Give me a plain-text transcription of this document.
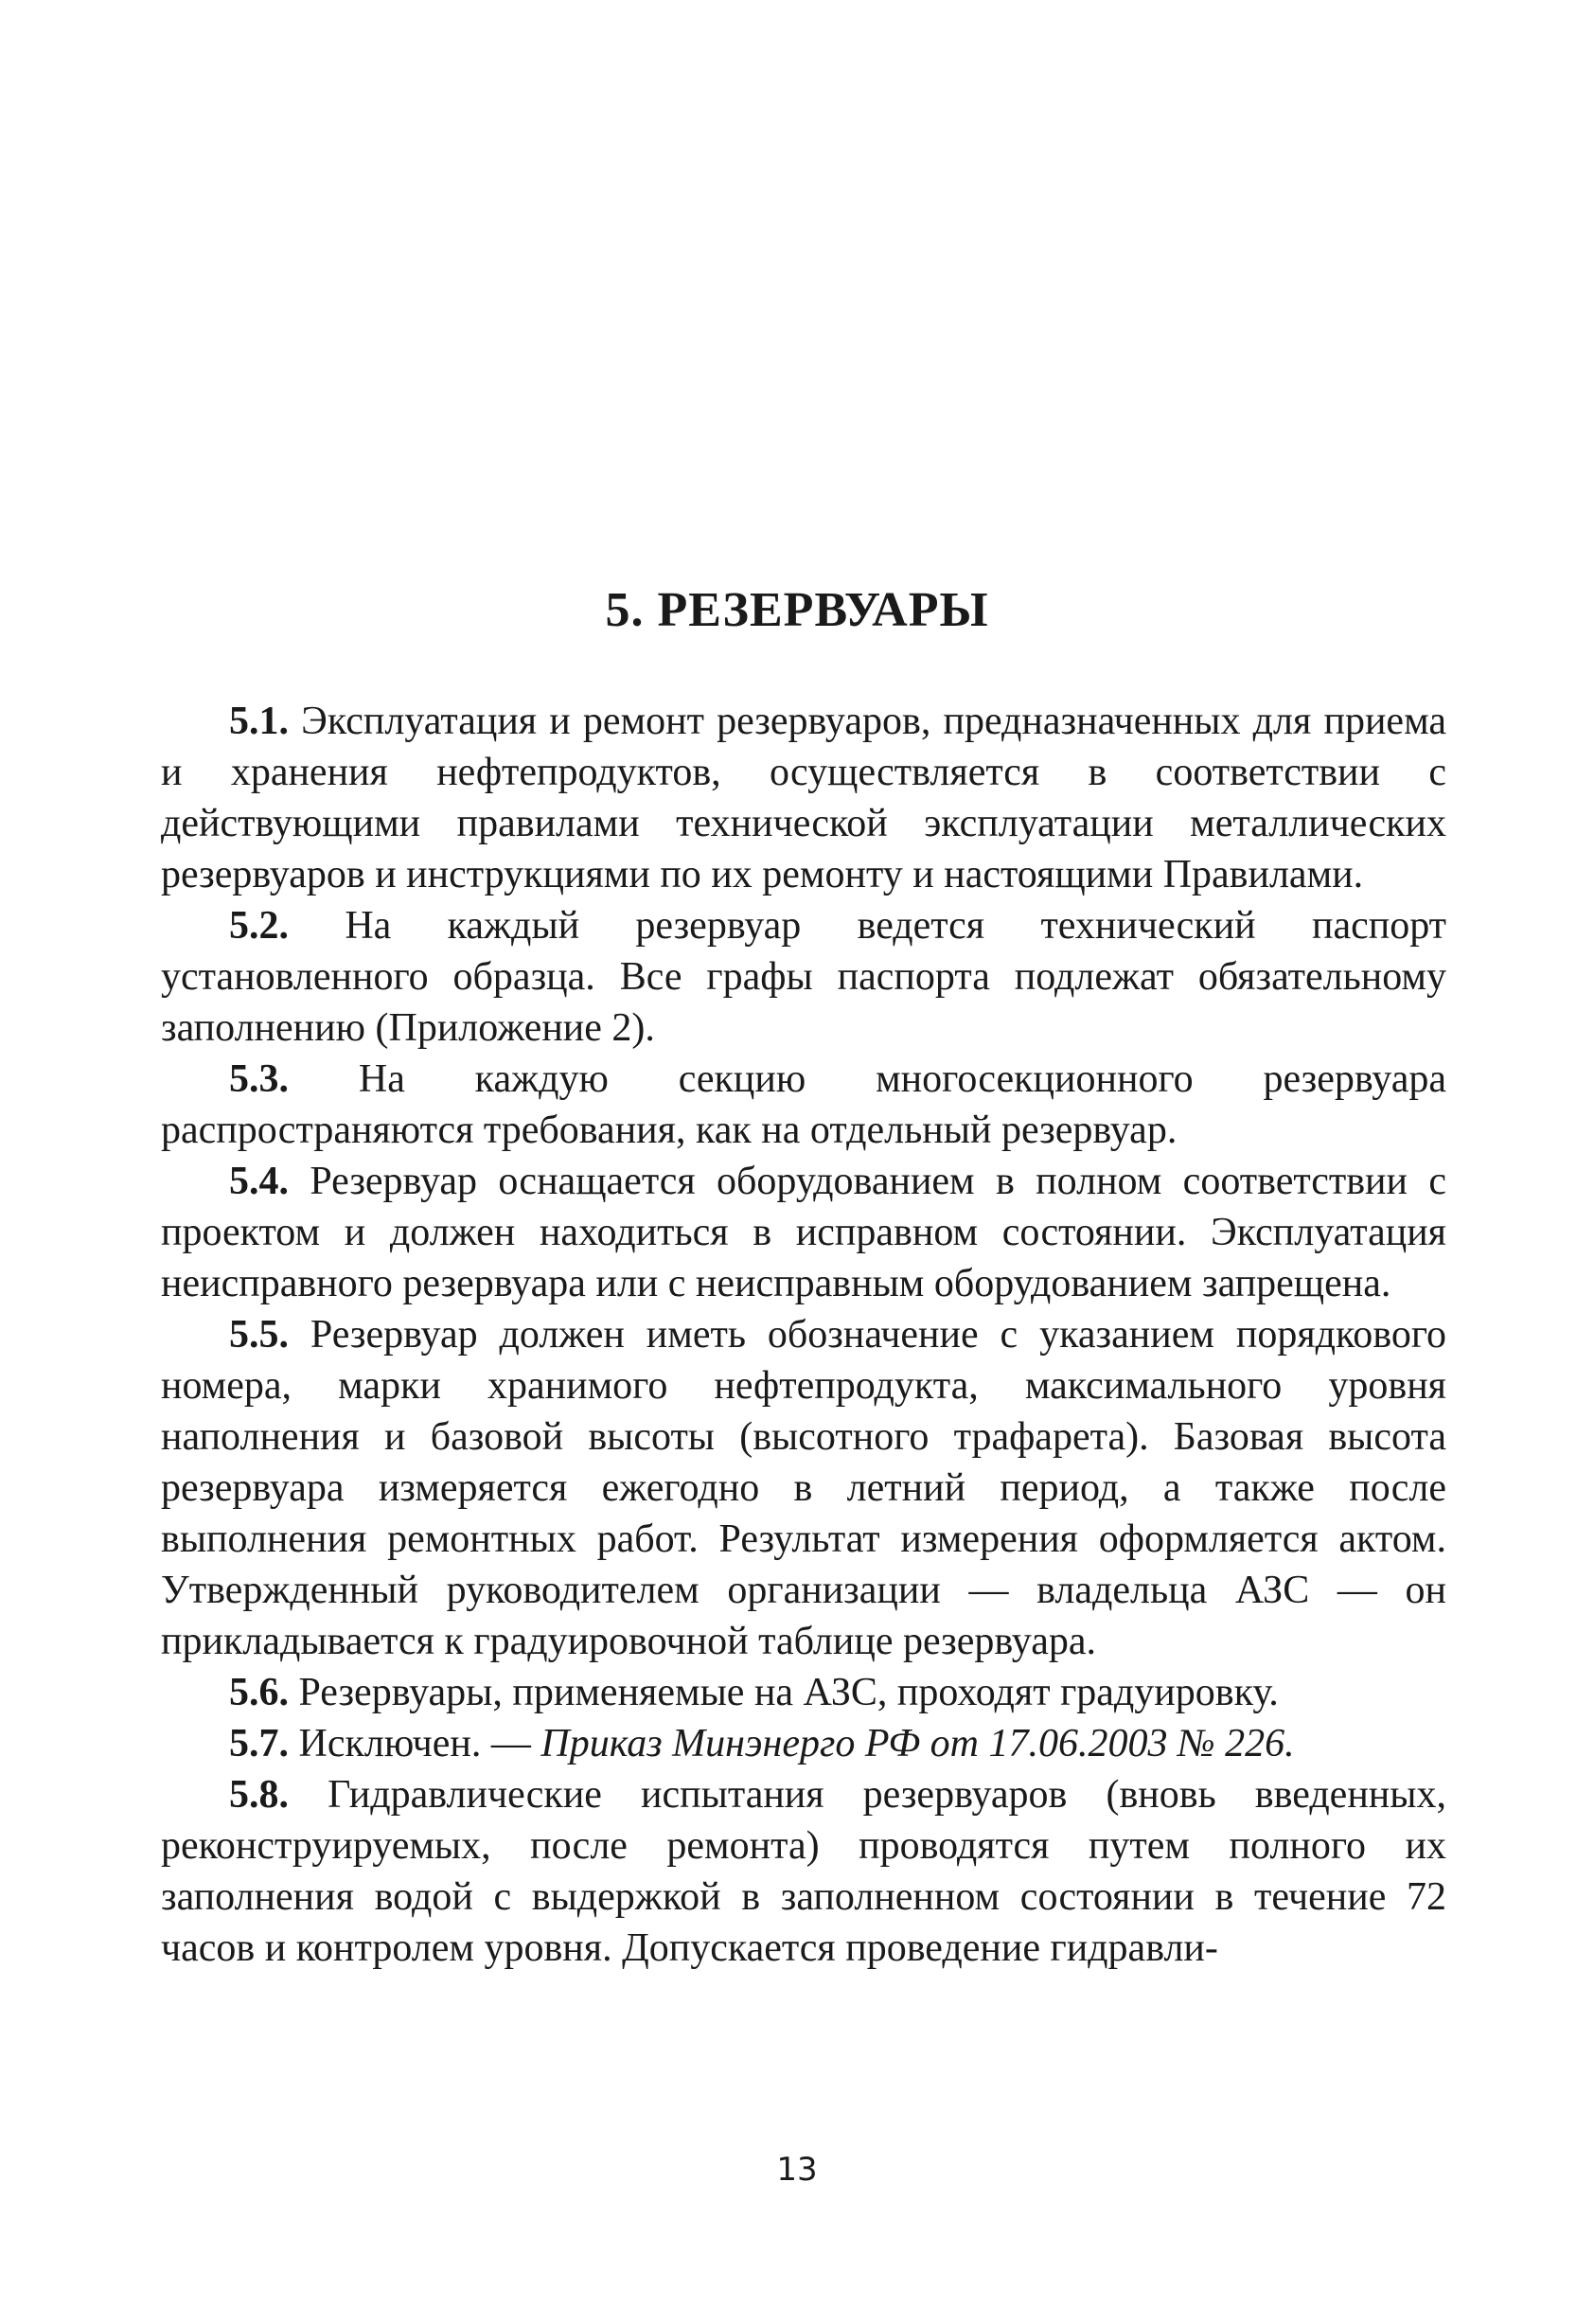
5. РЕЗЕРВУАРЫ

5.1. Эксплуатация и ремонт резервуаров, предназначенных для приема и хранения нефтепродуктов, осуществляется в соответствии с действующими правилами технической эксплуатации металлических резервуаров и инструкциями по их ремонту и настоящими Правилами.

5.2. На каждый резервуар ведется технический паспорт установленного образца. Все графы паспорта подлежат обязательному заполнению (Приложение 2).

5.3. На каждую секцию многосекционного резервуара распространяются требования, как на отдельный резервуар.

5.4. Резервуар оснащается оборудованием в полном соответствии с проектом и должен находиться в исправном состоянии. Эксплуатация неисправного резервуара или с неисправным оборудованием запрещена.

5.5. Резервуар должен иметь обозначение с указанием порядкового номера, марки хранимого нефтепродукта, максимального уровня наполнения и базовой высоты (высотного трафарета). Базовая высота резервуара измеряется ежегодно в летний период, а также после выполнения ремонтных работ. Результат измерения оформляется актом. Утвержденный руководителем организации — владельца АЗС — он прикладывается к градуировочной таблице резервуара.

5.6. Резервуары, применяемые на АЗС, проходят градуировку.

5.7. Исключен. — Приказ Минэнерго РФ от 17.06.2003 № 226.

5.8. Гидравлические испытания резервуаров (вновь введенных, реконструируемых, после ремонта) проводятся путем полного их заполнения водой с выдержкой в заполненном состоянии в течение 72 часов и контролем уровня. Допускается проведение гидравли-

13
